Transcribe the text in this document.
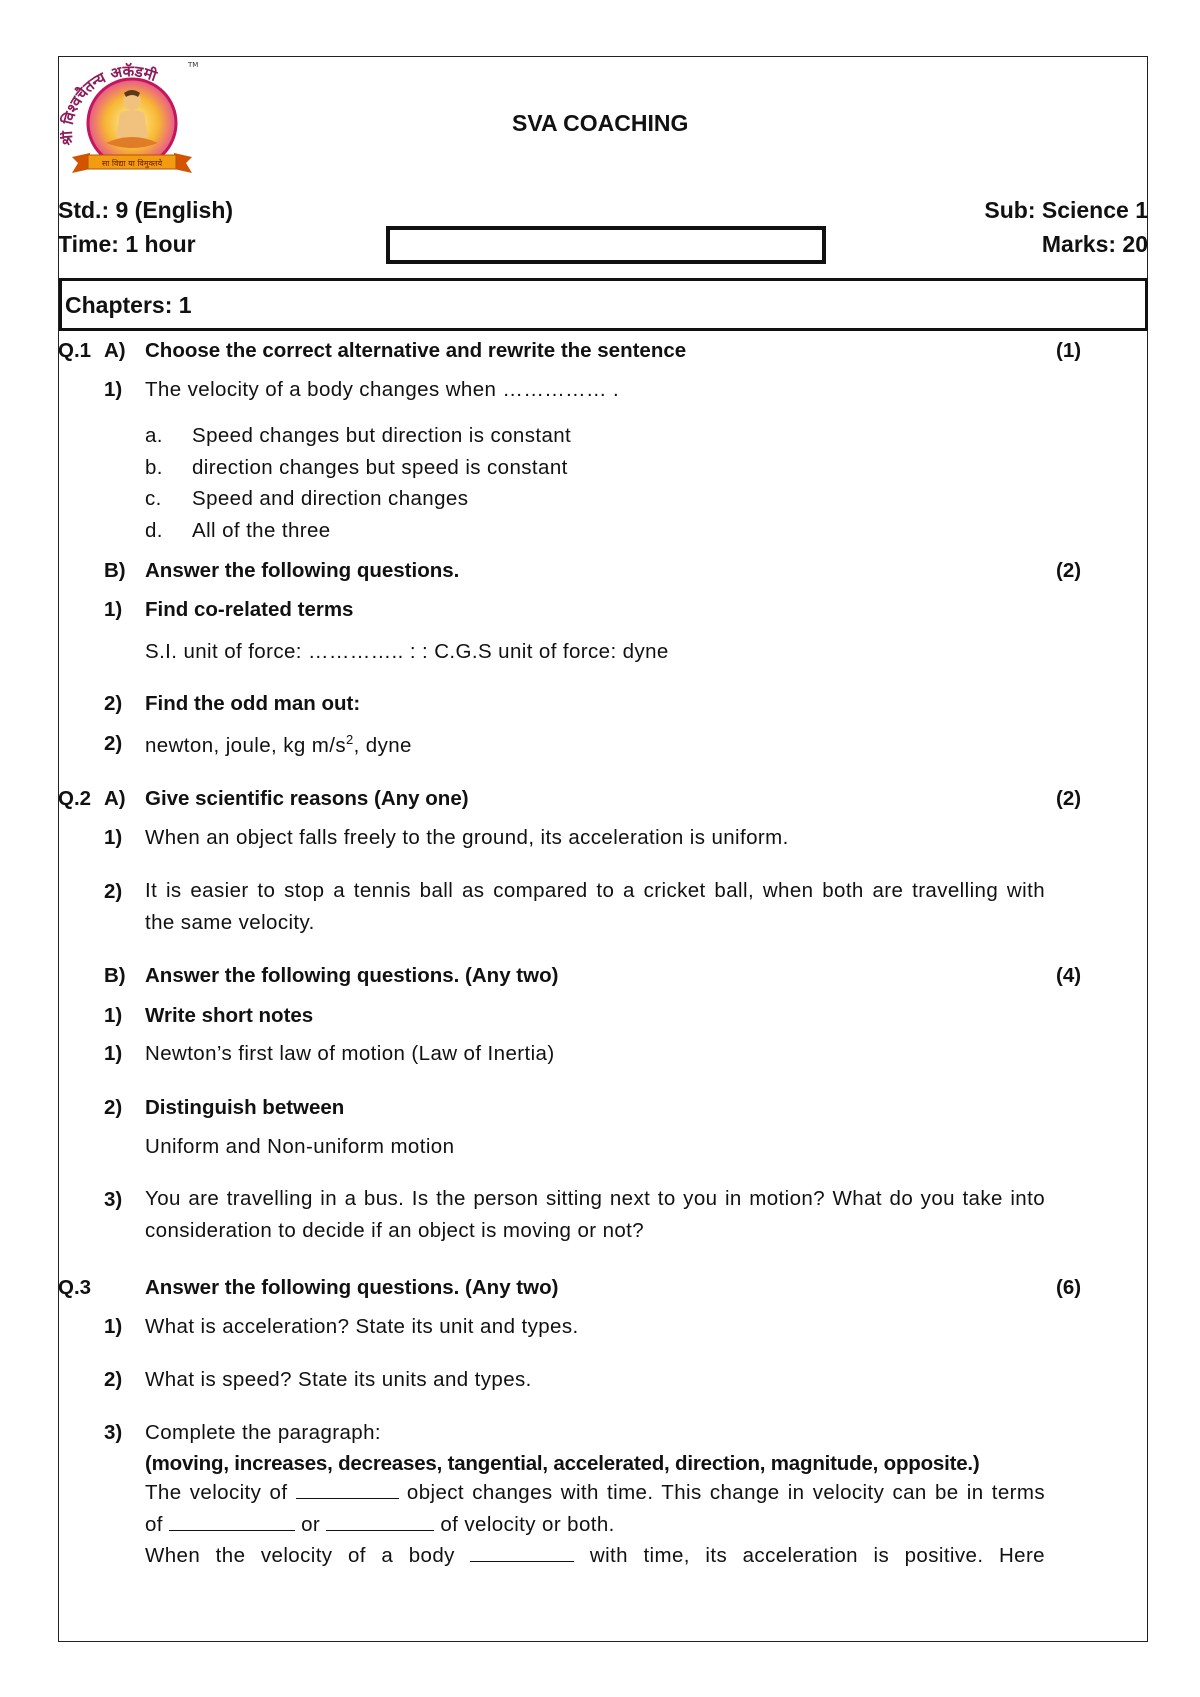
सा विद्या या विमुक्तये
विश्वचैतन्य अकॅडमी	TM
SVA COACHING
Std.: 9 (English)	Sub: Science 1
Time: 1 hour	Marks: 20
Chapters: 1
Q.1 A) Choose the correct alternative and rewrite the sentence	(1)
1) The velocity of a body changes when …………… .
a. Speed changes but direction is constant
b. direction changes but speed is constant
c. Speed and direction changes
d. All of the three
B) Answer the following questions.	(2)
1) Find co-related terms
S.I. unit of force: ………….. : : C.G.S unit of force: dyne
2) Find the odd man out:
2) newton, joule, kg $m/s^2$, dyne
Q.2 A) Give scientific reasons (Any one)	(2)
1) When an object falls freely to the ground, its acceleration is uniform.
2) It is easier to stop a tennis ball as compared to a cricket ball, when both are travelling with
the same velocity.
B) Answer the following questions. (Any two)	(4)
1) Write short notes
1) Newton’s first law of motion (Law of Inertia)
2) Distinguish between
Uniform and Non-uniform motion
3) You are travelling in a bus. Is the person sitting next to you in motion? What do you take into
consideration to decide if an object is moving or not?
Q.3	Answer the following questions. (Any two)	(6)
1) What is acceleration? State its unit and types.
2) What is speed? State its units and types.
3) Complete the paragraph:
(moving, increases, decreases, tangential, accelerated, direction, magnitude, opposite.)
The velocity of	object changes with time. This change in velocity can be in terms
of	or	of velocity or both.
When the velocity of a body	with time, its acceleration is positive. Here
